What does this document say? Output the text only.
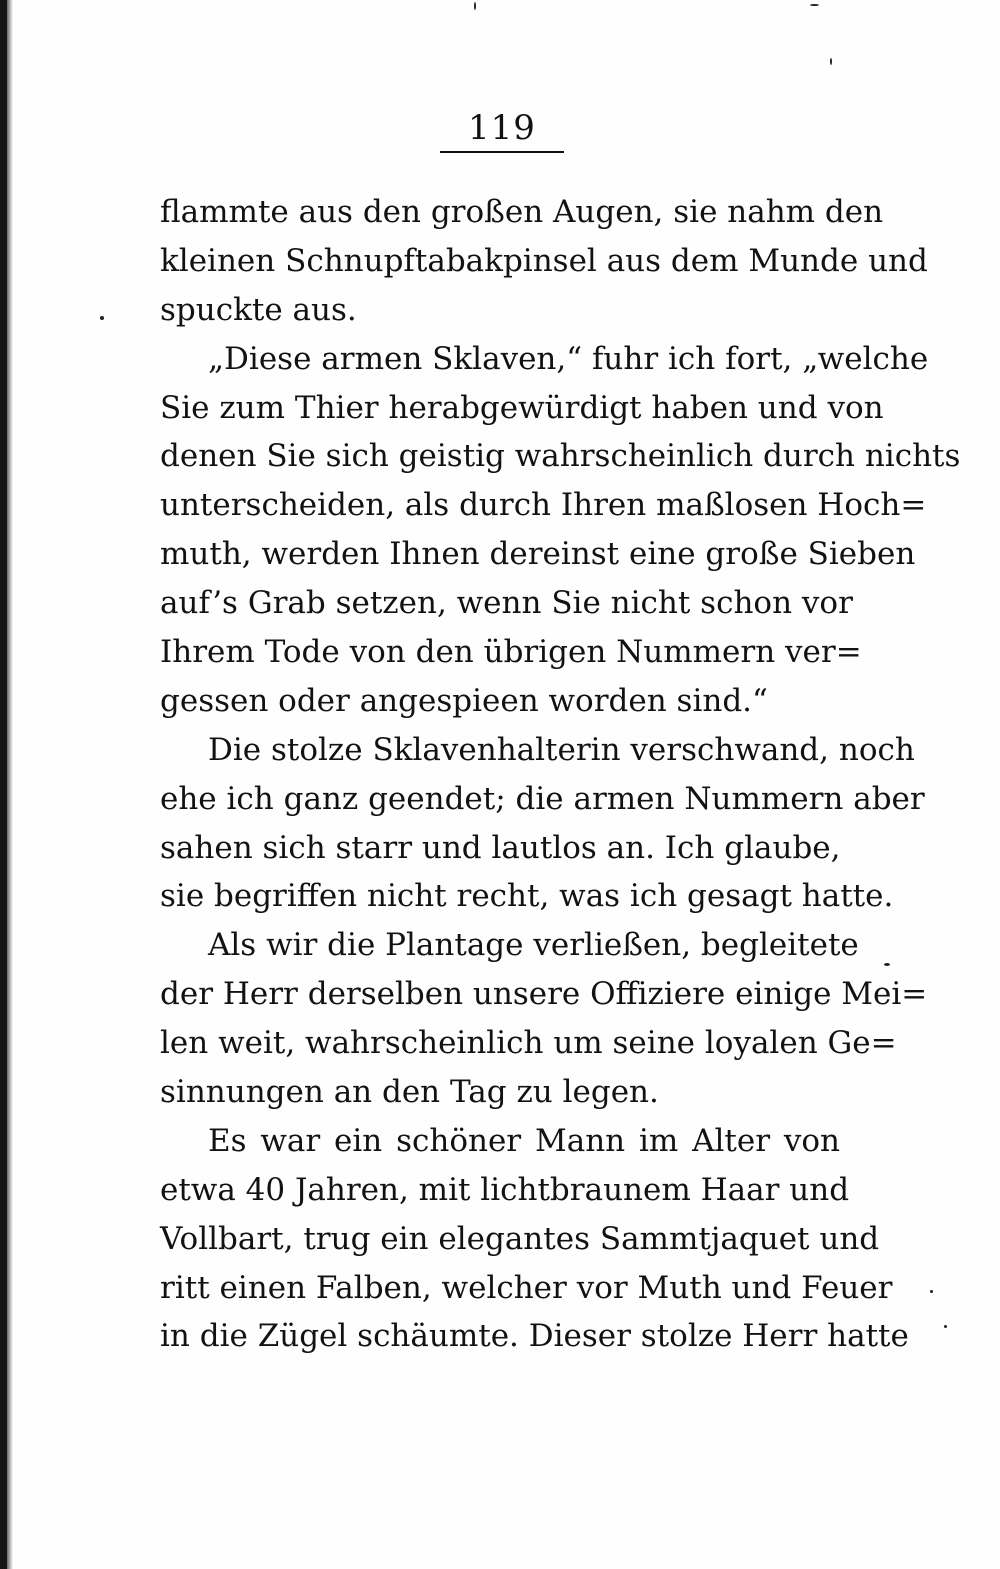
119
flammte aus den großen Augen, sie nahm den
kleinen Schnupftabakpinsel aus dem Munde und
spuckte aus.
„Diese armen Sklaven,“ fuhr ich fort, „welche
Sie zum Thier herabgewürdigt haben und von
denen Sie sich geistig wahrscheinlich durch nichts
unterscheiden, als durch Ihren maßlosen Hoch=
muth, werden Ihnen dereinst eine große Sieben
auf’s Grab setzen, wenn Sie nicht schon vor
Ihrem Tode von den übrigen Nummern ver=
gessen oder angespieen worden sind.“
Die stolze Sklavenhalterin verschwand, noch
ehe ich ganz geendet; die armen Nummern aber
sahen sich starr und lautlos an. Ich glaube,
sie begriffen nicht recht, was ich gesagt hatte.
Als wir die Plantage verließen, begleitete
der Herr derselben unsere Offiziere einige Mei=
len weit, wahrscheinlich um seine loyalen Ge=
sinnungen an den Tag zu legen.
Es war ein schöner Mann im Alter von
etwa 40 Jahren, mit lichtbraunem Haar und
Vollbart, trug ein elegantes Sammtjaquet und
ritt einen Falben, welcher vor Muth und Feuer
in die Zügel schäumte. Dieser stolze Herr hatte
